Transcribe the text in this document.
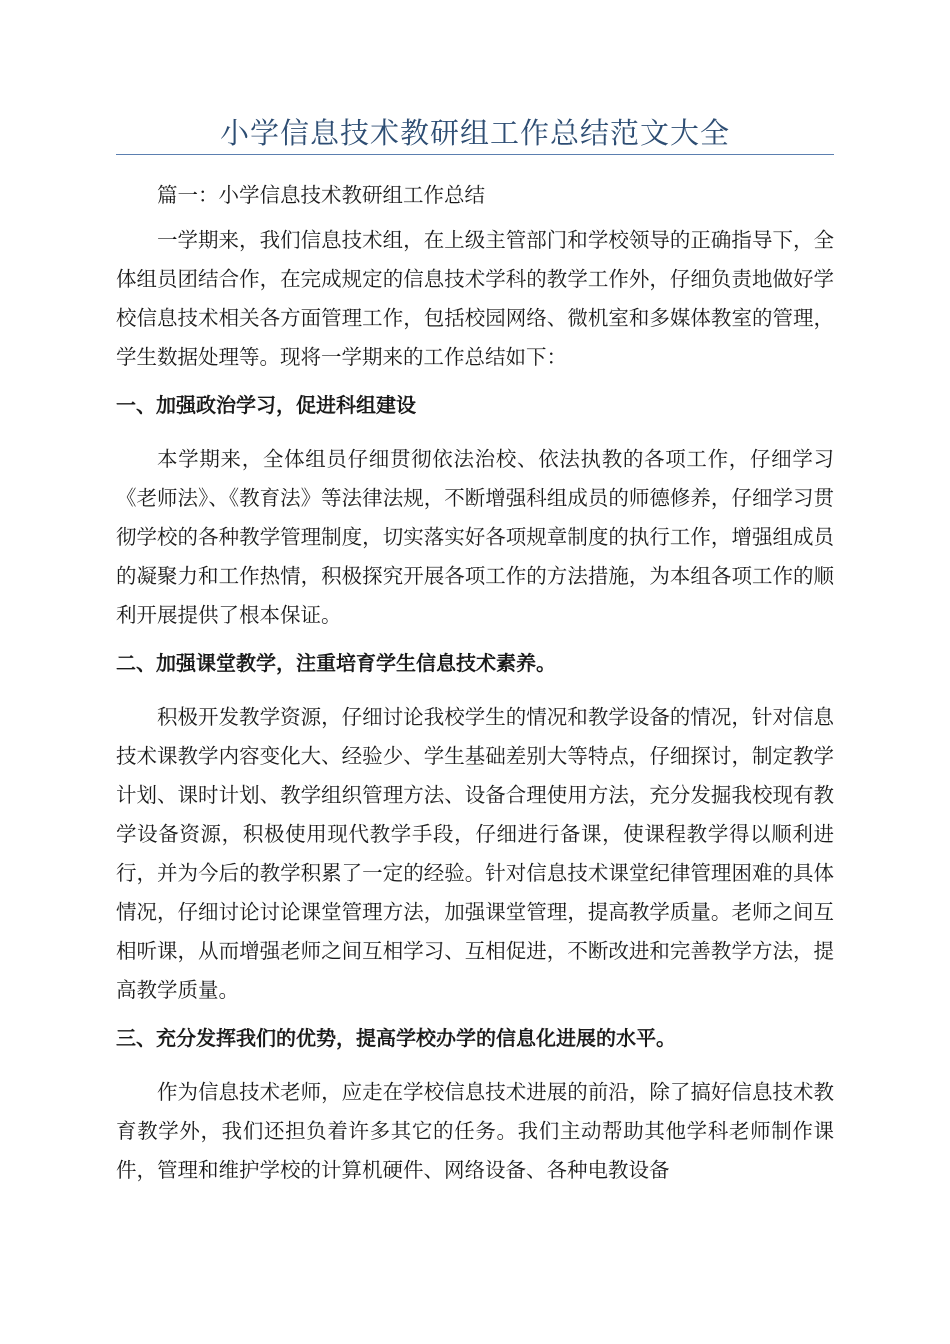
小学信息技术教研组工作总结范文大全

篇一：小学信息技术教研组工作总结

一学期来，我们信息技术组，在上级主管部门和学校领导的正确指导下，全体组员团结合作，在完成规定的信息技术学科的教学工作外，仔细负责地做好学校信息技术相关各方面管理工作，包括校园网络、微机室和多媒体教室的管理，学生数据处理等。现将一学期来的工作总结如下：

一、加强政治学习，促进科组建设

本学期来，全体组员仔细贯彻依法治校、依法执教的各项工作，仔细学习《老师法》、《教育法》等法律法规，不断增强科组成员的师德修养，仔细学习贯彻学校的各种教学管理制度，切实落实好各项规章制度的执行工作，增强组成员的凝聚力和工作热情，积极探究开展各项工作的方法措施，为本组各项工作的顺利开展提供了根本保证。

二、加强课堂教学，注重培育学生信息技术素养。

积极开发教学资源，仔细讨论我校学生的情况和教学设备的情况，针对信息技术课教学内容变化大、经验少、学生基础差别大等特点，仔细探讨，制定教学计划、课时计划、教学组织管理方法、设备合理使用方法，充分发掘我校现有教学设备资源，积极使用现代教学手段，仔细进行备课，使课程教学得以顺利进行，并为今后的教学积累了一定的经验。针对信息技术课堂纪律管理困难的具体情况，仔细讨论讨论课堂管理方法，加强课堂管理，提高教学质量。老师之间互相听课，从而增强老师之间互相学习、互相促进，不断改进和完善教学方法，提高教学质量。

三、充分发挥我们的优势，提高学校办学的信息化进展的水平。

作为信息技术老师，应走在学校信息技术进展的前沿，除了搞好信息技术教育教学外，我们还担负着许多其它的任务。我们主动帮助其他学科老师制作课件，管理和维护学校的计算机硬件、网络设备、各种电教设备
